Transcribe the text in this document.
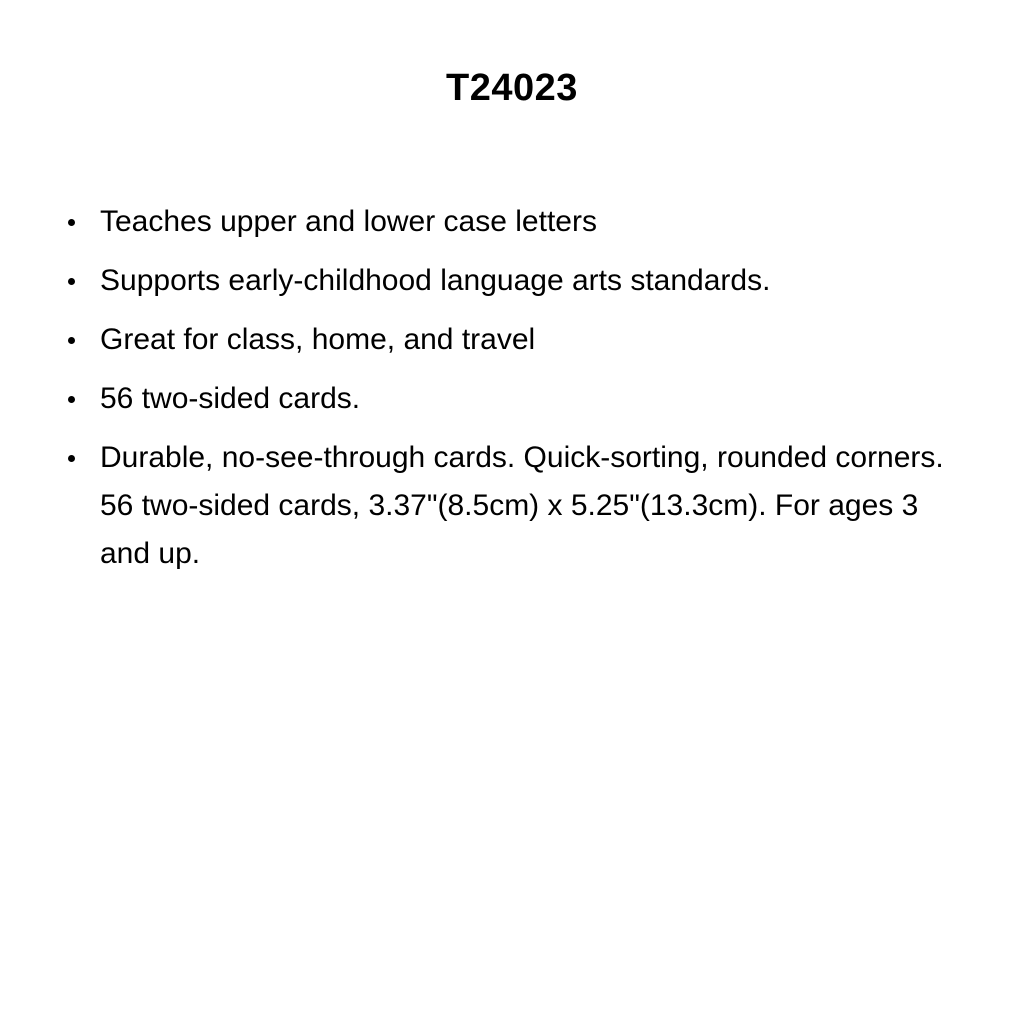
T24023
Teaches upper and lower case letters
Supports early-childhood language arts standards.
Great for class, home, and travel
56 two-sided cards.
Durable, no-see-through cards. Quick-sorting, rounded corners. 56 two-sided cards, 3.37"(8.5cm) x 5.25"(13.3cm). For ages 3 and up.
